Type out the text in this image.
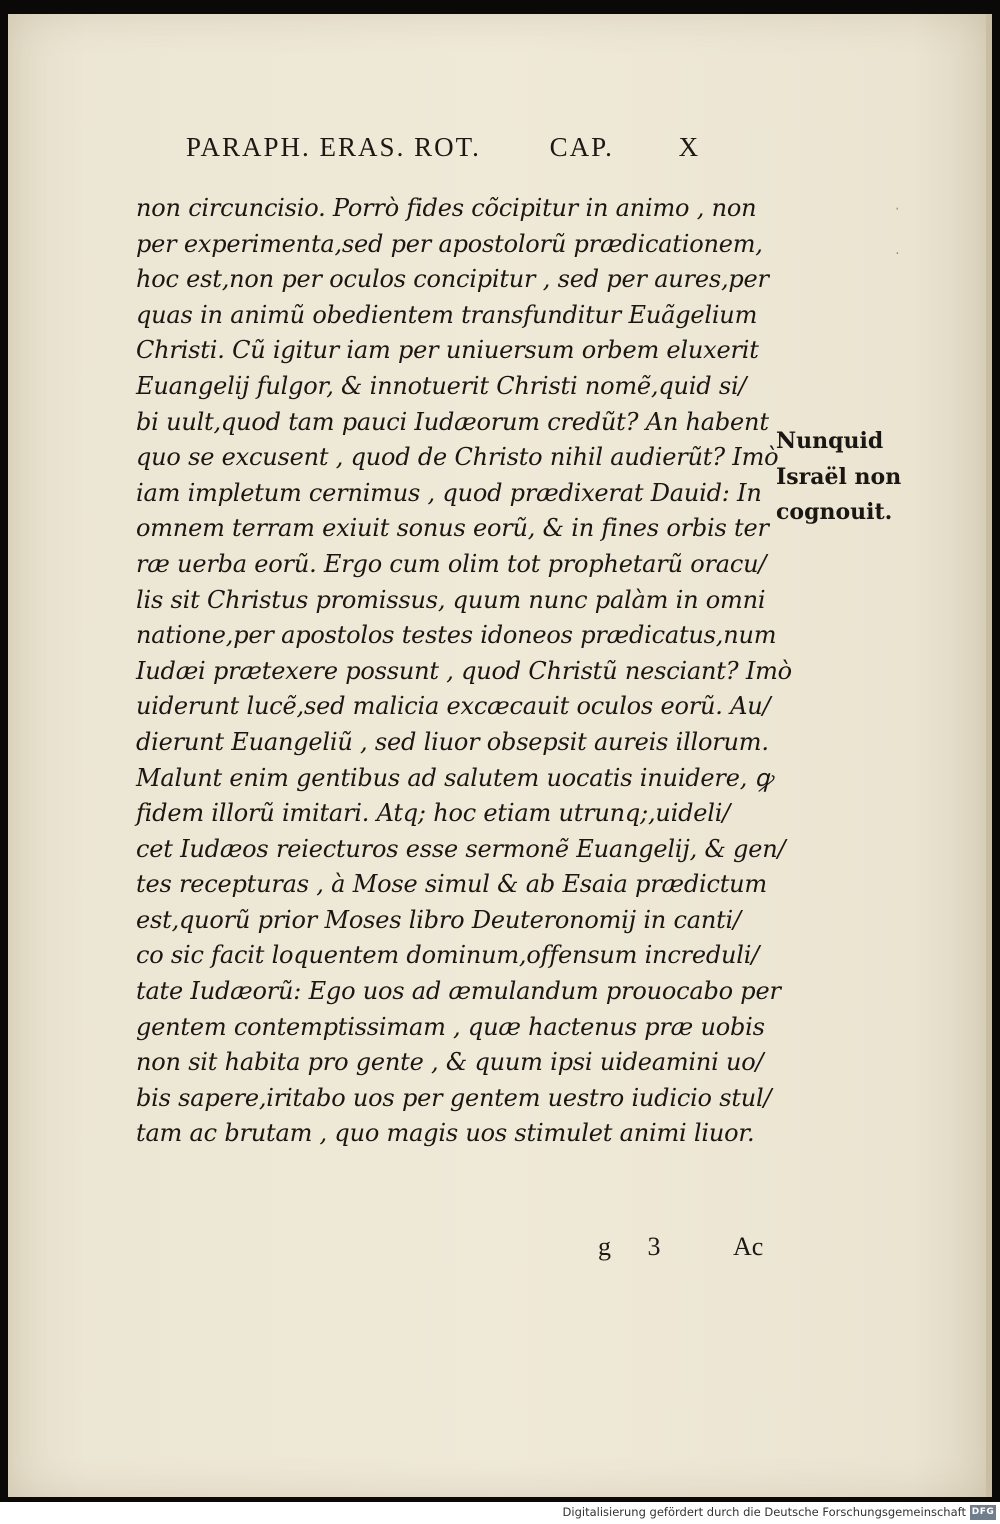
PARAPH. ERAS. ROT.	CAP. X
non circuncisio. Porrò fides cõcipitur in animo , non
per experimenta,sed per apostolorũ prædicationem,
hoc est,non per oculos concipitur , sed per aures,per
quas in animũ obedientem transfunditur Euãgelium
Christi. Cũ igitur iam per uniuersum orbem eluxerit
Euangelij fulgor, & innotuerit Christi nomẽ,quid si/
bi uult,quod tam pauci Iudæorum credũt? An habent
quo se excusent , quod de Christo nihil audierũt? Imò
iam impletum cernimus , quod prædixerat Dauid: In
omnem terram exiuit sonus eorũ, & in fines orbis ter
ræ uerba eorũ. Ergo cum olim tot prophetarũ oracu/
lis sit Christus promissus, quum nunc palàm in omni
natione,per apostolos testes idoneos prædicatus,num
Iudæi prætexere possunt , quod Christũ nesciant? Imò
uiderunt lucẽ,sed malicia excæcauit oculos eorũ. Au/
dierunt Euangeliũ , sed liuor obsepsit aureis illorum.
Malunt enim gentibus ad salutem uocatis inuidere, ꝙ
fidem illorũ imitari. Atq; hoc etiam utrunq;,uideli/
cet Iudæos reiecturos esse sermonẽ Euangelij, & gen/
tes recepturas , à Mose simul & ab Esaia prædictum
est,quorũ prior Moses libro Deuteronomij in canti/
co sic facit loquentem dominum,offensum increduli/
tate Iudæorũ: Ego uos ad æmulandum prouocabo per
gentem contemptissimam , quæ hactenus præ uobis
non sit habita pro gente , & quum ipsi uideamini uo/
bis sapere,iritabo uos per gentem uestro iudicio stul/
tam ac brutam , quo magis uos stimulet animi liuor.
Nunquid
Israël non
cognouit.
‧
․
g 3	Ac
Digitalisierung gefördert durch die Deutsche Forschungsgemeinschaft DFG
